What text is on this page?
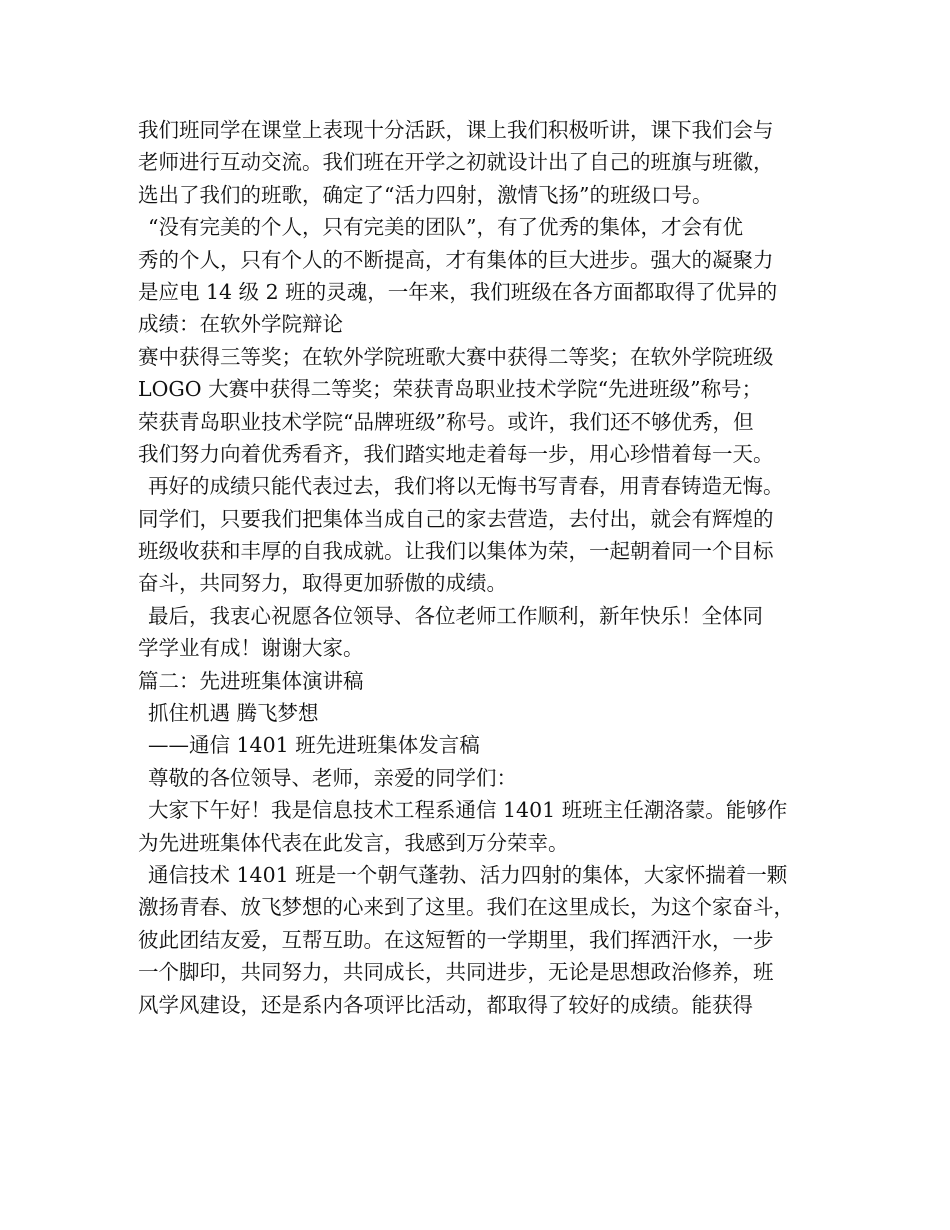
我们班同学在课堂上表现十分活跃，课上我们积极听讲，课下我们会与
老师进行互动交流。我们班在开学之初就设计出了自己的班旗与班徽，
选出了我们的班歌，确定了“活力四射，激情飞扬”的班级口号。
“没有完美的个人，只有完美的团队”，有了优秀的集体，才会有优
秀的个人，只有个人的不断提高，才有集体的巨大进步。强大的凝聚力
是应电 14 级 2 班的灵魂，一年来，我们班级在各方面都取得了优异的
成绩：在软外学院辩论
赛中获得三等奖；在软外学院班歌大赛中获得二等奖；在软外学院班级
LOGO 大赛中获得二等奖；荣获青岛职业技术学院“先进班级”称号；
荣获青岛职业技术学院“品牌班级”称号。或许，我们还不够优秀，但
我们努力向着优秀看齐，我们踏实地走着每一步，用心珍惜着每一天。
再好的成绩只能代表过去，我们将以无悔书写青春，用青春铸造无悔。
同学们，只要我们把集体当成自己的家去营造，去付出，就会有辉煌的
班级收获和丰厚的自我成就。让我们以集体为荣，一起朝着同一个目标
奋斗，共同努力，取得更加骄傲的成绩。
最后，我衷心祝愿各位领导、各位老师工作顺利，新年快乐！全体同
学学业有成！谢谢大家。
篇二：先进班集体演讲稿
抓住机遇 腾飞梦想
——通信 1401 班先进班集体发言稿
尊敬的各位领导、老师，亲爱的同学们：
大家下午好！我是信息技术工程系通信 1401 班班主任潮洛蒙。能够作
为先进班集体代表在此发言，我感到万分荣幸。
通信技术 1401 班是一个朝气蓬勃、活力四射的集体，大家怀揣着一颗
激扬青春、放飞梦想的心来到了这里。我们在这里成长，为这个家奋斗，
彼此团结友爱，互帮互助。在这短暂的一学期里，我们挥洒汗水，一步
一个脚印，共同努力，共同成长，共同进步，无论是思想政治修养，班
风学风建设，还是系内各项评比活动，都取得了较好的成绩。能获得
